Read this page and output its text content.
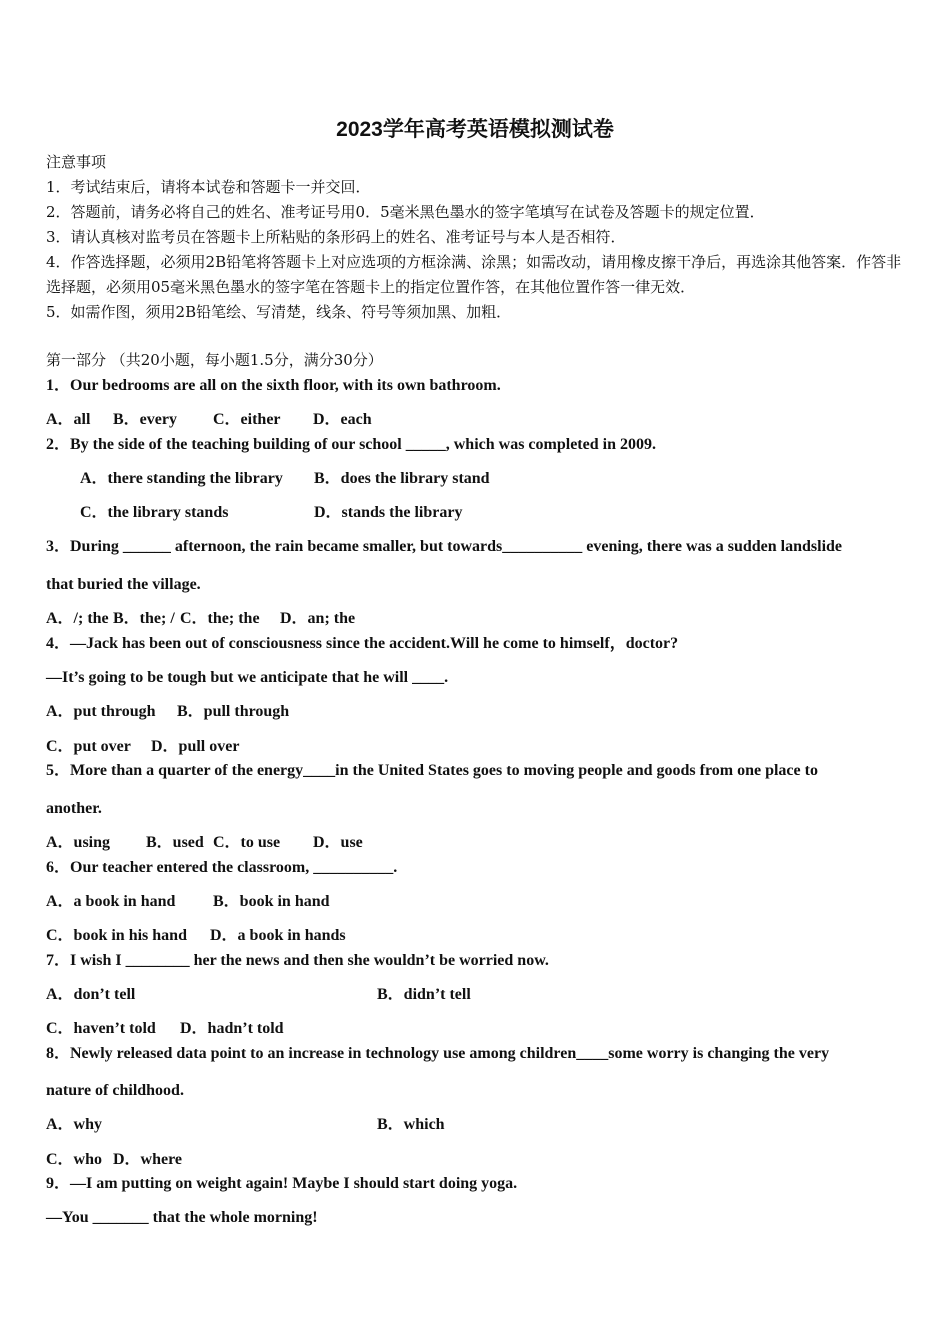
2023学年高考英语模拟测试卷

注意事项

1．考试结束后，请将本试卷和答题卡一并交回．

2．答题前，请务必将自己的姓名、准考证号用0．5毫米黑色墨水的签字笔填写在试卷及答题卡的规定位置．

3．请认真核对监考员在答题卡上所粘贴的条形码上的姓名、准考证号与本人是否相符．

4．作答选择题，必须用2B铅笔将答题卡上对应选项的方框涂满、涂黑；如需改动，请用橡皮擦干净后，再选涂其他答案．作答非选择题，必须用05毫米黑色墨水的签字笔在答题卡上的指定位置作答，在其他位置作答一律无效．

5．如需作图，须用2B铅笔绘、写清楚，线条、符号等须加黑、加粗．

第一部分 （共20小题，每小题1.5分，满分30分）
1．Our bedrooms are all on the sixth floor, with its own bathroom.
A．all B．every C．either D．each
2．By the side of the teaching building of our school _____, which was completed in 2009.
A．there standing the library B．does the library stand
C．the library stands	D．stands the library
3．During ______ afternoon, the rain became smaller, but towards__________ evening, there was a sudden landslide
that buried the village.
A．/; the B．the; / C．the; the D．an; the
4．—Jack has been out of consciousness since the accident.Will he come to himself，doctor?
—It’s going to be tough but we anticipate that he will ____.
A．put through B．pull through
C．put over D．pull over
5．More than a quarter of the energy____in the United States goes to moving people and goods from one place to
another.
A．using B．used C．to use D．use
6．Our teacher entered the classroom, __________.
A．a book in hand B．book in hand
C．book in his hand D．a book in hands
7．I wish I ________ her the news and then she wouldn’t be worried now.
A．don’t tell	B．didn’t tell
C．haven’t told D．hadn’t told
8．Newly released data point to an increase in technology use among children____some worry is changing the very
nature of childhood.
A．why	B．which
C．who D．where
9．—I am putting on weight again! Maybe I should start doing yoga.
—You _______ that the whole morning!
